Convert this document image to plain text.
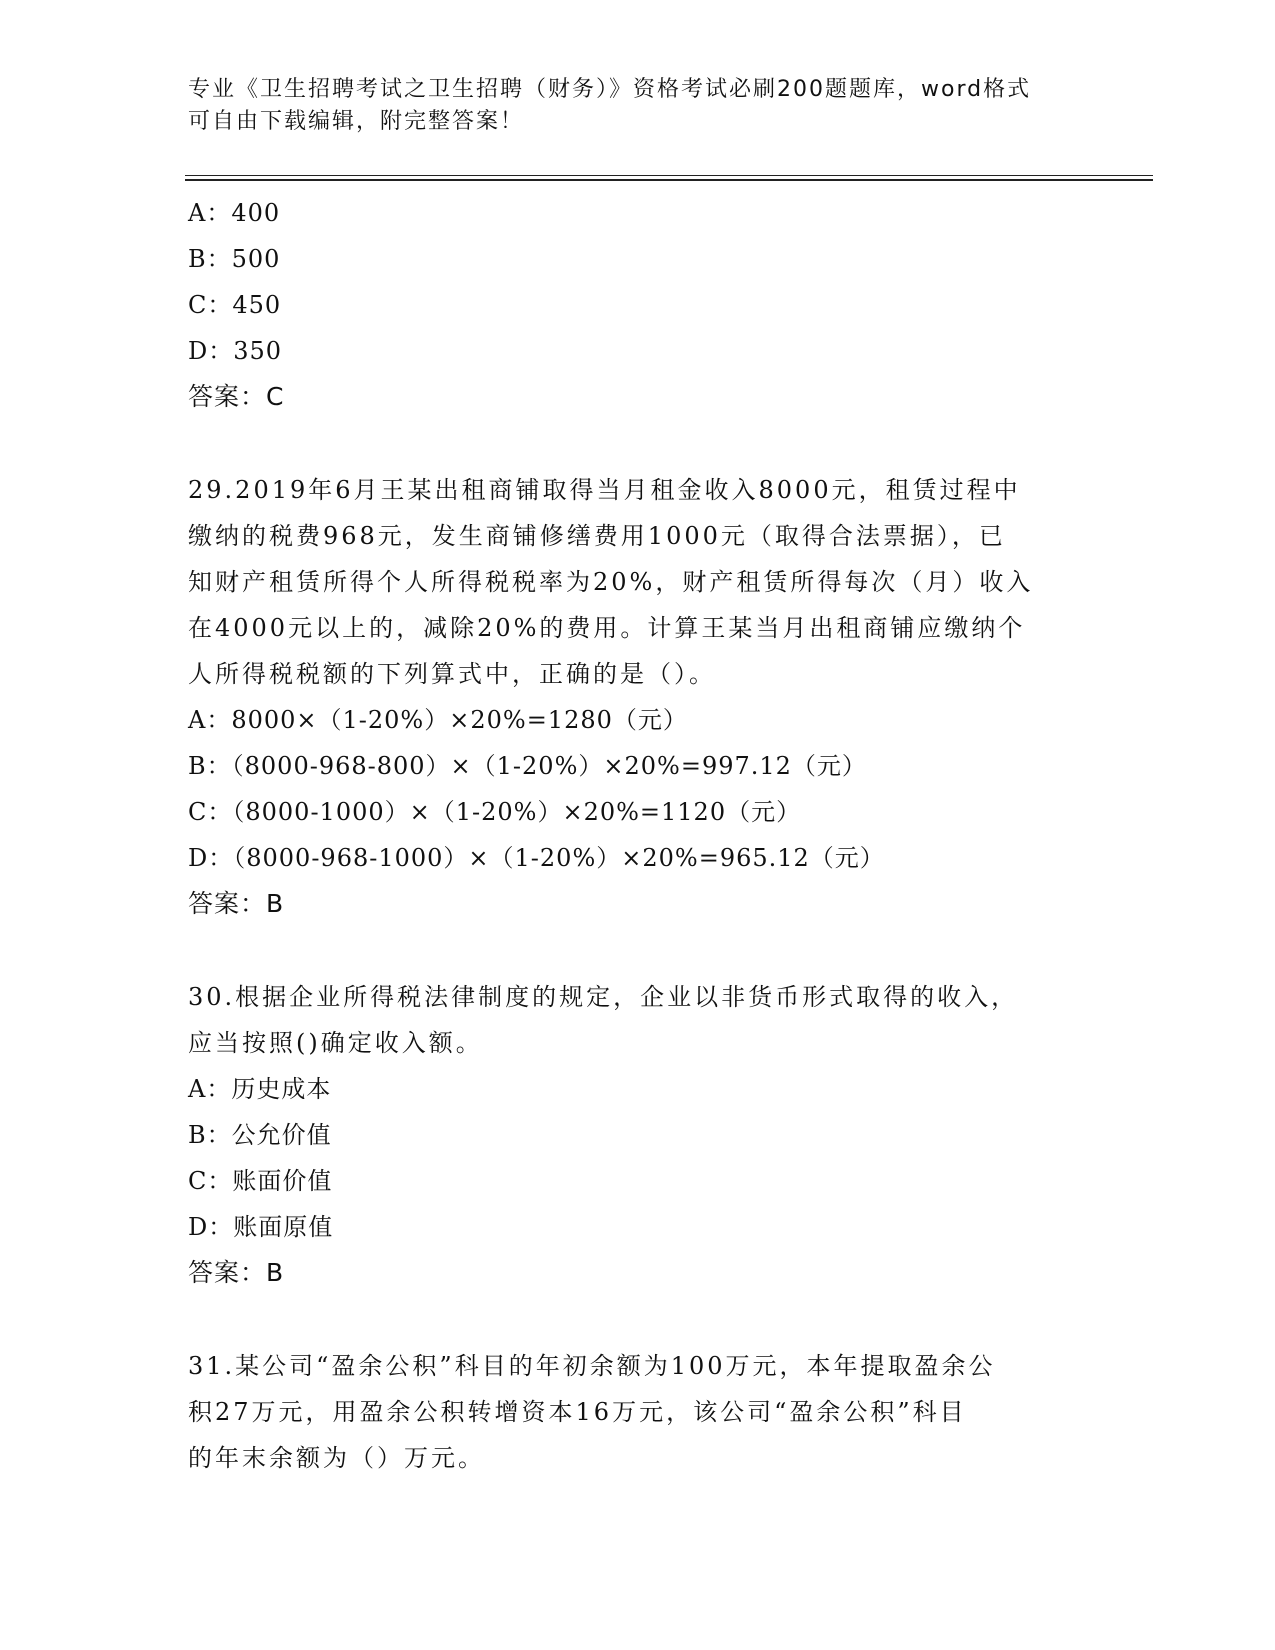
专业《卫生招聘考试之卫生招聘（财务）》资格考试必刷200题题库，word格式
可自由下载编辑，附完整答案！
A：400
B：500
C：450
D：350
答案：C
29.2019年6月王某出租商铺取得当月租金收入8000元，租赁过程中
缴纳的税费968元，发生商铺修缮费用1000元（取得合法票据），已
知财产租赁所得个人所得税税率为20%，财产租赁所得每次（月）收入
在4000元以上的，减除20%的费用。计算王某当月出租商铺应缴纳个
人所得税税额的下列算式中，正确的是（）。
A：8000×（1-20%）×20%=1280（元）
B：（8000-968-800）×（1-20%）×20%=997.12（元）
C：（8000-1000）×（1-20%）×20%=1120（元）
D：（8000-968-1000）×（1-20%）×20%=965.12（元）
答案：B
30.根据企业所得税法律制度的规定，企业以非货币形式取得的收入，
应当按照()确定收入额。
A：历史成本
B：公允价值
C：账面价值
D：账面原值
答案：B
31.某公司“盈余公积”科目的年初余额为100万元，本年提取盈余公
积27万元，用盈余公积转增资本16万元，该公司“盈余公积”科目
的年末余额为（）万元。
